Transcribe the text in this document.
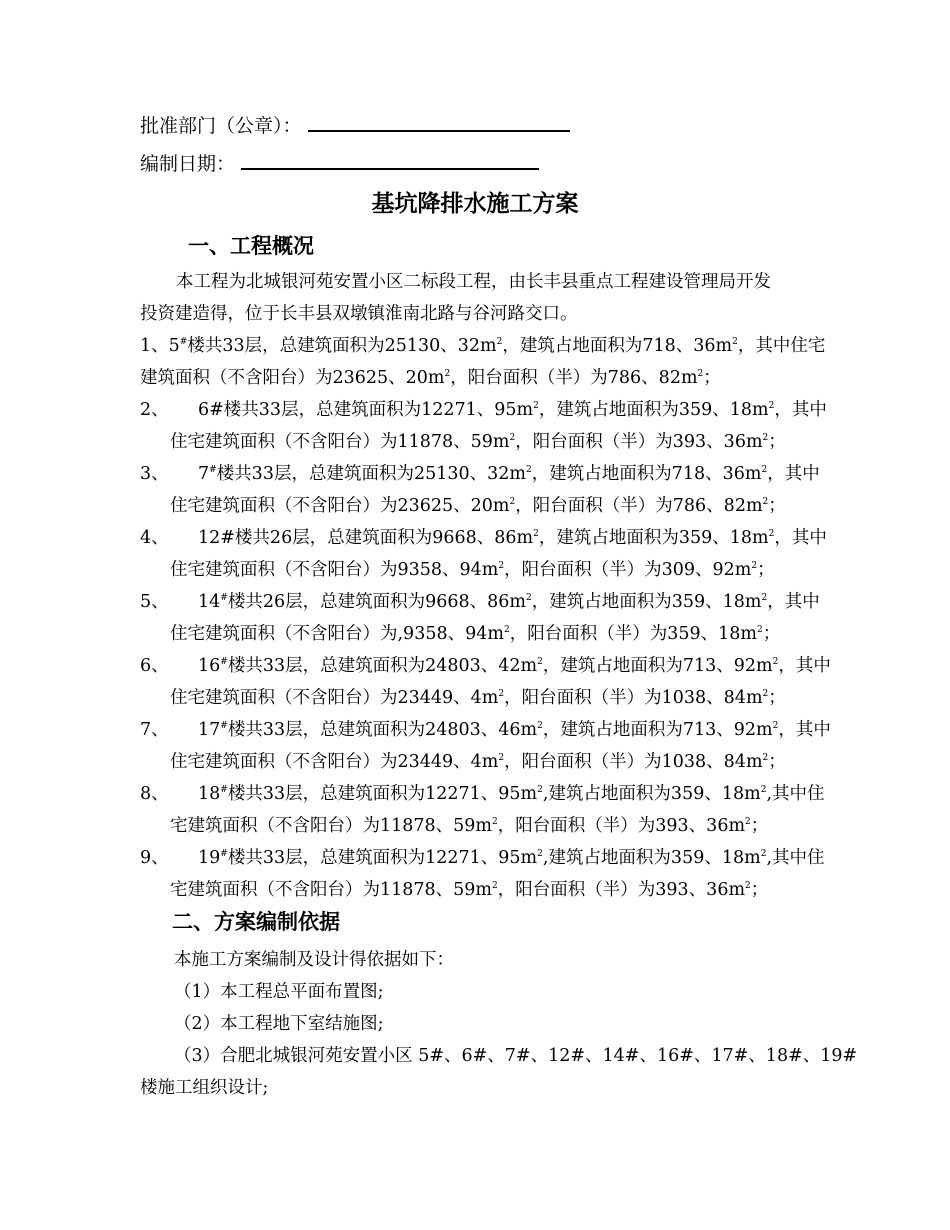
批准部门（公章）：
编制日期：
基坑降排水施工方案
一、工程概况
本工程为北城银河苑安置小区二标段工程，由长丰县重点工程建设管理局开发
投资建造得，位于长丰县双墩镇淮南北路与谷河路交口。
1、5#楼共33层，总建筑面积为25130、$32m^2$，建筑占地面积为718、$36m^2$，其中住宅
建筑面积（不含阳台）为23625、$20m^2$，阳台面积（半）为786、$82m^2$；
2、 6#楼共33层，总建筑面积为12271、$95m^2$，建筑占地面积为359、$18m^2$，其中
住宅建筑面积（不含阳台）为11878、$59m^2$，阳台面积（半）为393、$36m^2$；
3、 7#楼共33层，总建筑面积为25130、$32m^2$，建筑占地面积为718、$36m^2$，其中
住宅建筑面积（不含阳台）为23625、$20m^2$，阳台面积（半）为786、$82m^2$；
4、 12#楼共26层，总建筑面积为9668、$86m^2$，建筑占地面积为359、$18m^2$，其中
住宅建筑面积（不含阳台）为9358、$94m^2$，阳台面积（半）为309、$92m^2$；
5、 14#楼共26层，总建筑面积为9668、$86m^2$，建筑占地面积为359、$18m^2$，其中
住宅建筑面积（不含阳台）为,9358、$94m^2$，阳台面积（半）为359、$18m^2$；
6、 16#楼共33层，总建筑面积为24803、$42m^2$，建筑占地面积为713、$92m^2$，其中
住宅建筑面积（不含阳台）为23449、$4m^2$，阳台面积（半）为1038、$84m^2$；
7、 17#楼共33层，总建筑面积为24803、$46m^2$，建筑占地面积为713、$92m^2$，其中
住宅建筑面积（不含阳台）为23449、$4m^2$，阳台面积（半）为1038、$84m^2$；
8、 18#楼共33层，总建筑面积为12271、$95m^2$,建筑占地面积为359、$18m^2$,其中住
宅建筑面积（不含阳台）为11878、$59m^2$，阳台面积（半）为393、$36m^2$；
9、 19#楼共33层，总建筑面积为12271、$95m^2$,建筑占地面积为359、$18m^2$,其中住
宅建筑面积（不含阳台）为11878、$59m^2$，阳台面积（半）为393、$36m^2$；
二、方案编制依据
本施工方案编制及设计得依据如下：
（1）本工程总平面布置图;
（2）本工程地下室结施图;
（3）合肥北城银河苑安置小区 5#、6#、7#、12#、14#、16#、17#、18#、19#
楼施工组织设计;
